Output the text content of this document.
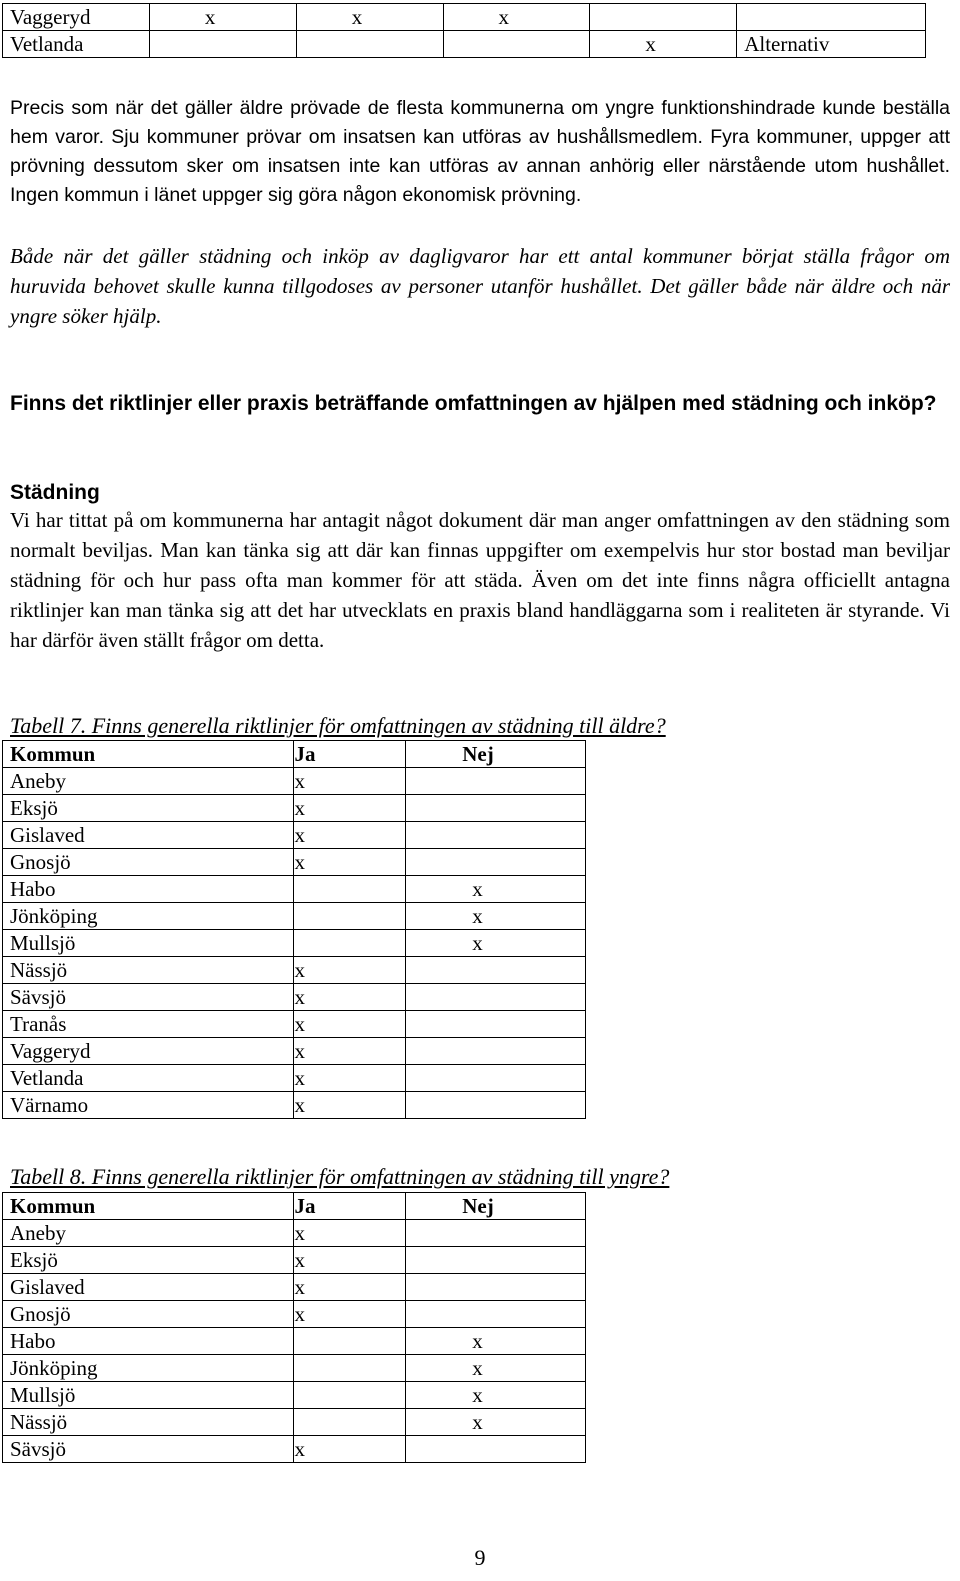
Vaggeryd	x	x	x		
Vetlanda				x	Alternativ

Precis som när det gäller äldre prövade de flesta kommunerna om yngre funktionshindrade kunde beställa hem varor. Sju kommuner prövar om insatsen kan utföras av hushållsmedlem. Fyra kommuner, uppger att prövning dessutom sker om insatsen inte kan utföras av annan anhörig eller närstående utom hushållet. Ingen kommun i länet uppger sig göra någon ekonomisk prövning.

Både när det gäller städning och inköp av dagligvaror har ett antal kommuner börjat ställa frågor om huruvida behovet skulle kunna tillgodoses av personer utanför hushållet. Det gäller både när äldre och när yngre söker hjälp.

Finns det riktlinjer eller praxis beträffande omfattningen av hjälpen med städning och inköp?

Städning

Vi har tittat på om kommunerna har antagit något dokument där man anger omfattningen av den städning som normalt beviljas. Man kan tänka sig att där kan finnas uppgifter om exempelvis hur stor bostad man beviljar städning för och hur pass ofta man kommer för att städa. Även om det inte finns några officiellt antagna riktlinjer kan man tänka sig att det har utvecklats en praxis bland handläggarna som i realiteten är styrande. Vi har därför även ställt frågor om detta.

Tabell 7. Finns generella riktlinjer för omfattningen av städning till äldre?
Kommun	Ja	Nej
Aneby	x	
Eksjö	x	
Gislaved	x	
Gnosjö	x	
Habo		x
Jönköping		x
Mullsjö		x
Nässjö	x	
Sävsjö	x	
Tranås	x	
Vaggeryd	x	
Vetlanda	x	
Värnamo	x	
Tabell 8. Finns generella riktlinjer för omfattningen av städning till yngre?
Kommun	Ja	Nej
Aneby	x	
Eksjö	x	
Gislaved	x	
Gnosjö	x	
Habo		x
Jönköping		x
Mullsjö		x
Nässjö		x
Sävsjö	x	
9
